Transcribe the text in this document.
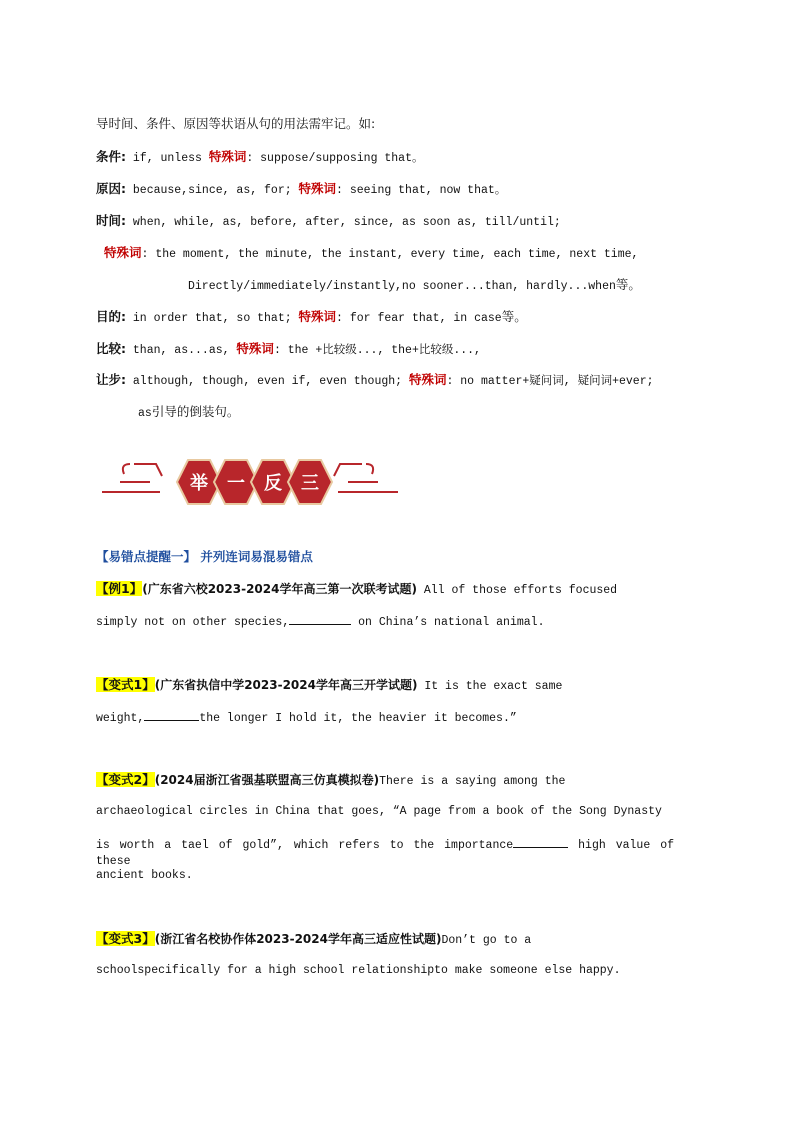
导时间、条件、原因等状语从句的用法需牢记。如:
条件: if, unless 特殊词: suppose/supposing that。
原因: because,since, as, for; 特殊词: seeing that, now that。
时间: when, while, as, before, after, since, as soon as, till/until;
特殊词: the moment, the minute, the instant, every time, each time, next time,
Directly/immediately/instantly,no sooner...than, hardly...when等。
目的: in order that, so that; 特殊词: for fear that, in case等。
比较: than, as...as, 特殊词: the +比较级..., the+比较级...,
让步: although, though, even if, even though; 特殊词: no matter+疑问词, 疑问词+ever;
as引导的倒装句。
举 一 反 三
【易错点提醒一】 并列连词易混易错点
【例1】(广东省六校2023-2024学年高三第一次联考试题) All of those efforts focused
simply not on other species,	on China’s national animal.
【变式1】(广东省执信中学2023-2024学年高三开学试题) It is the exact same
weight,	the longer I hold it, the heavier it becomes.”
【变式2】(2024届浙江省强基联盟高三仿真模拟卷)There is a saying among the
archaeological circles in China that goes, “A page from a book of the Song Dynasty
is worth a tael of gold”, which refers to the importance	high value of these
ancient books.
【变式3】(浙江省名校协作体2023-2024学年高三适应性试题)Don’t go to a
schoolspecifically for a high school relationshipto make someone else happy.
